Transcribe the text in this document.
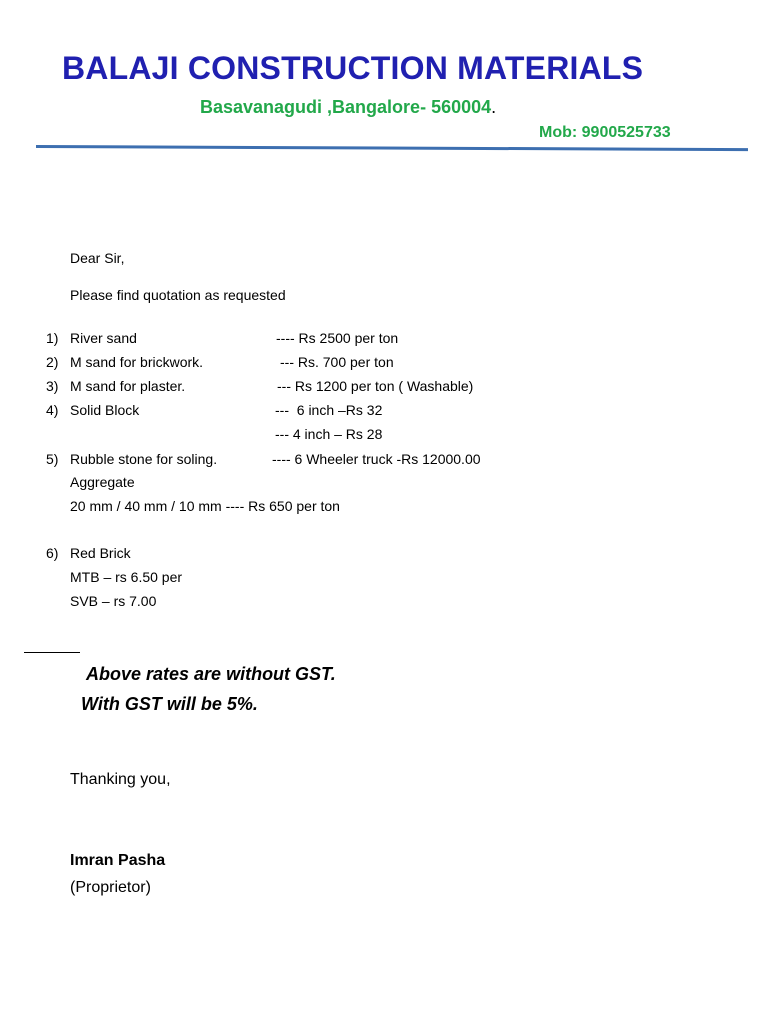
BALAJI CONSTRUCTION MATERIALS
Basavanagudi ,Bangalore- 560004.
Mob: 9900525733
Dear Sir,
Please find quotation as requested
1) River sand	---- Rs 2500 per ton
2) M sand for brickwork.	--- Rs. 700 per ton
3) M sand for plaster.	--- Rs 1200 per ton ( Washable)
4) Solid Block	---  6 inch –Rs 32
--- 4 inch – Rs 28
5) Rubble stone for soling.	---- 6 Wheeler truck -Rs 12000.00
Aggregate
20 mm / 40 mm / 10 mm ---- Rs 650 per ton
6) Red Brick
MTB – rs 6.50 per
SVB – rs 7.00
Above rates are without GST.
With GST will be 5%.
Thanking you,
Imran Pasha
(Proprietor)
